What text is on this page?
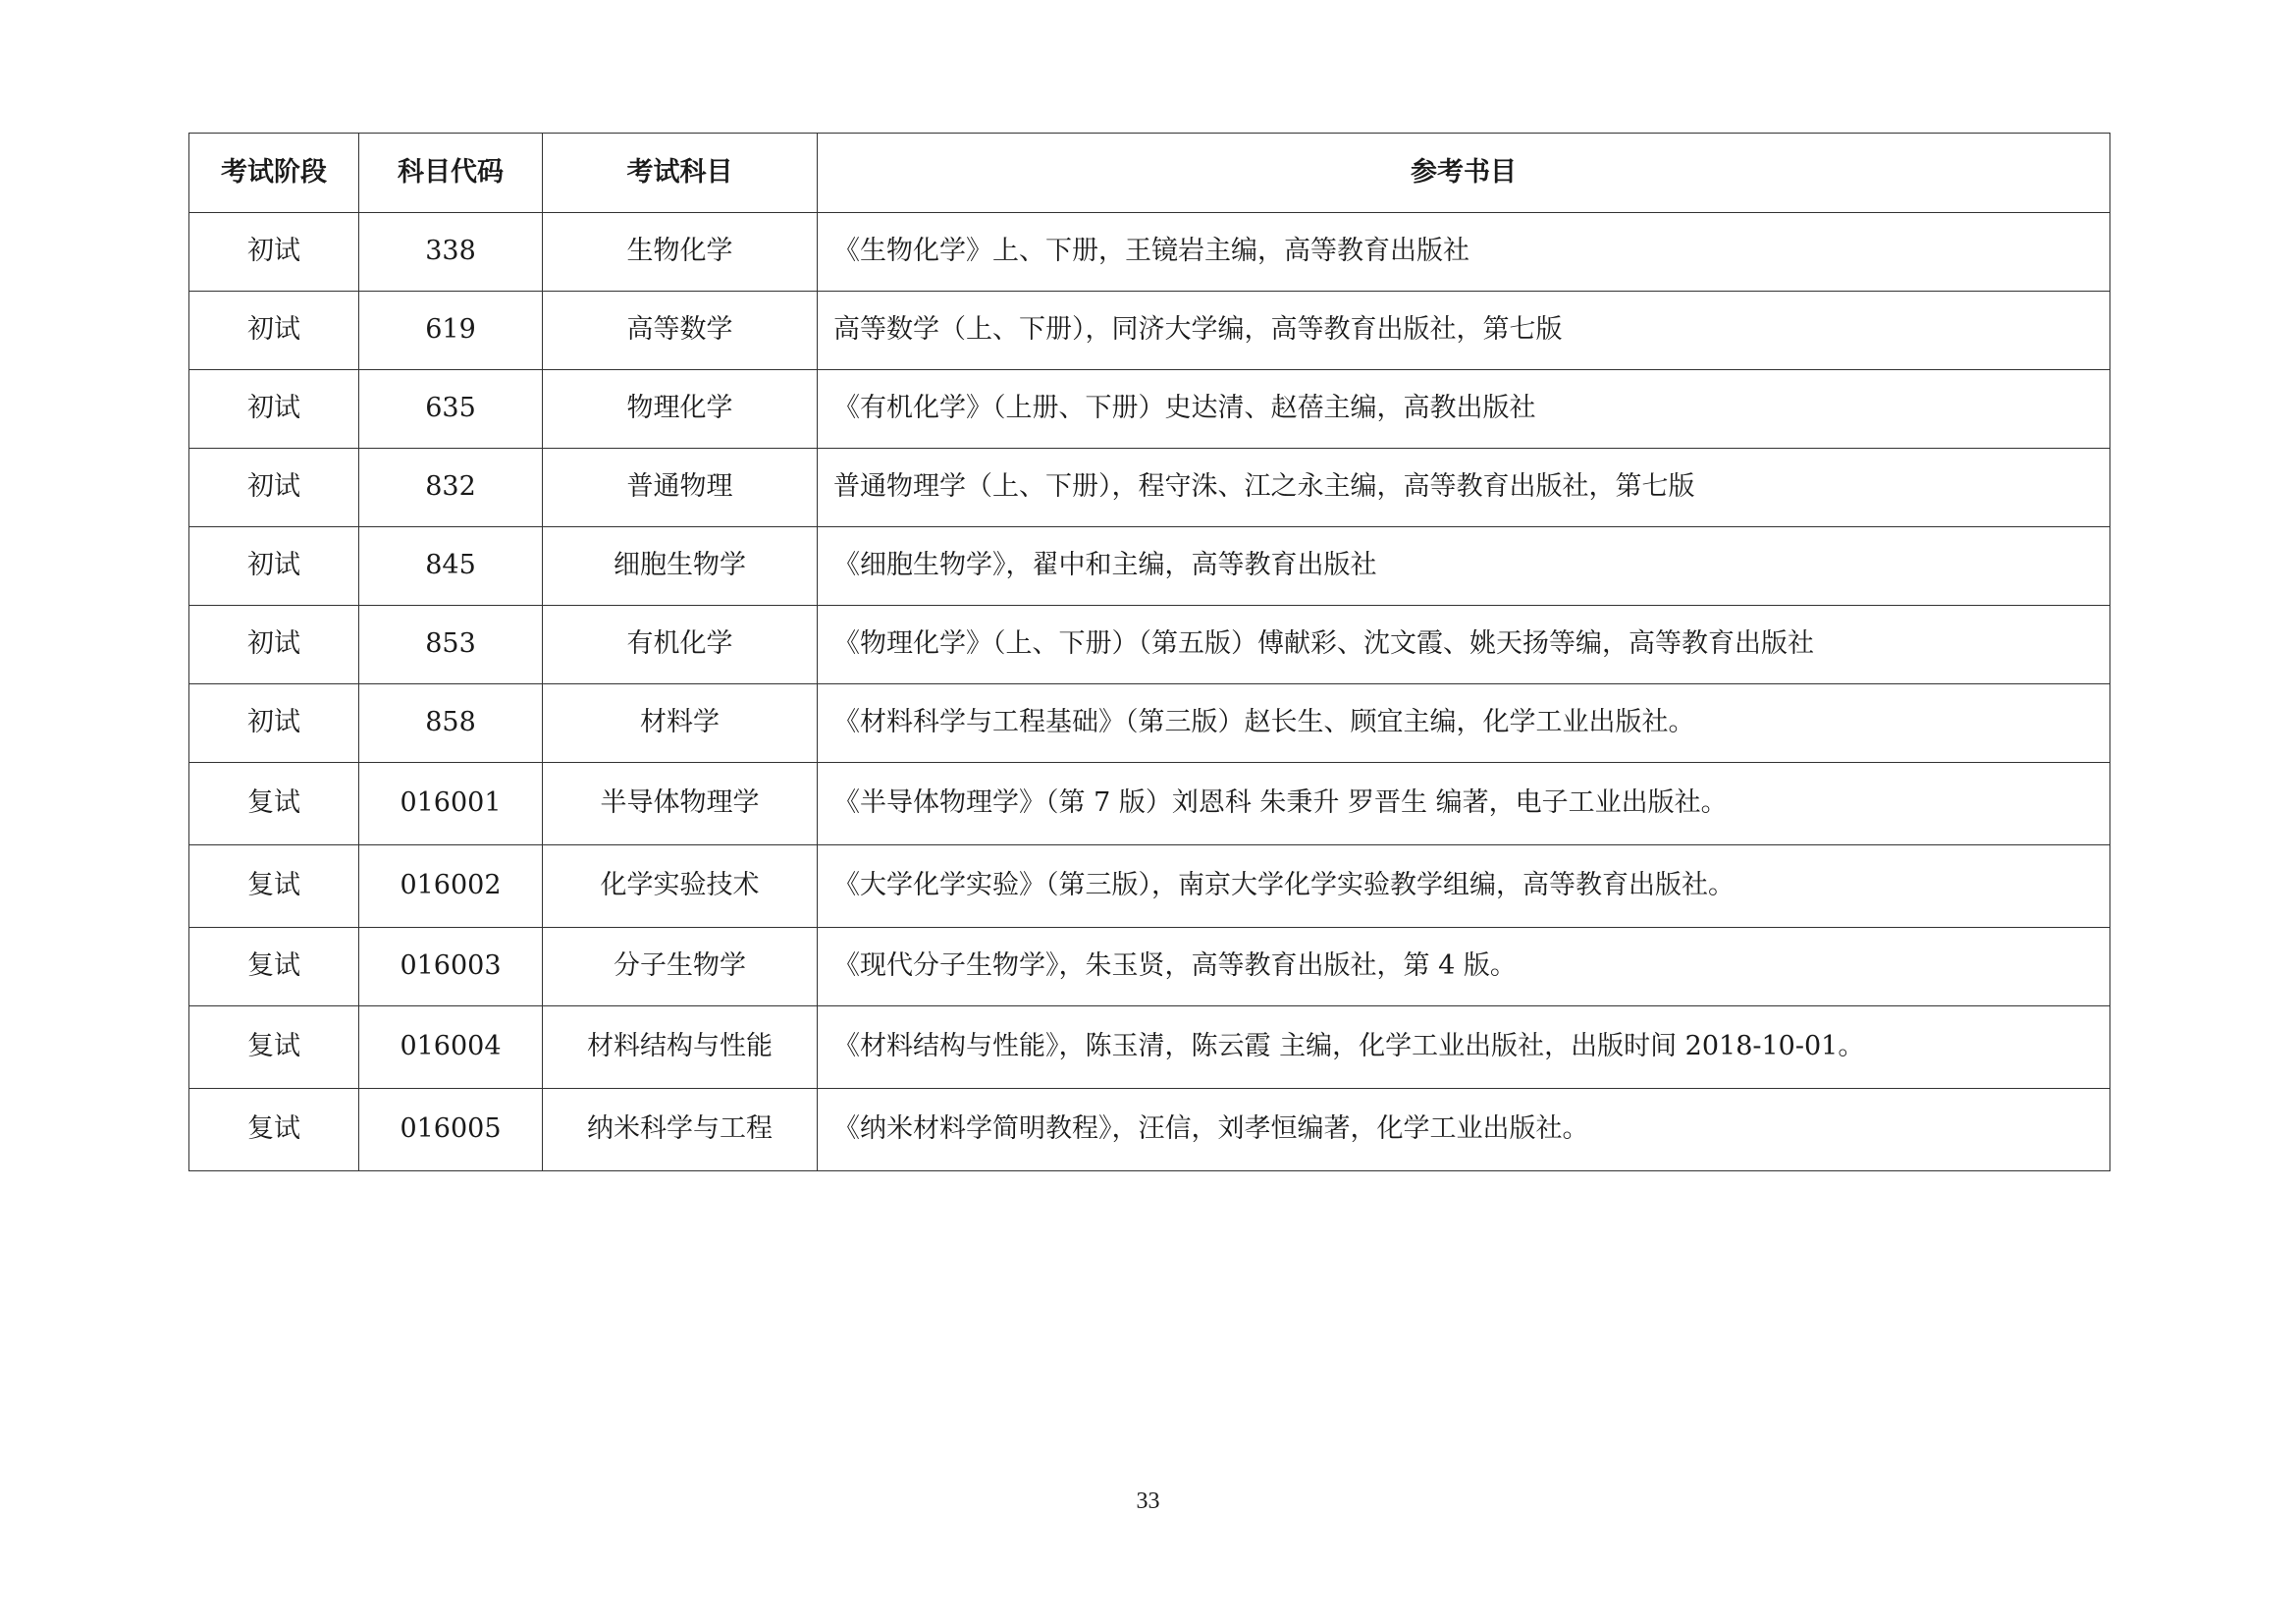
考试阶段	科目代码	考试科目	参考书目
初试	338	生物化学	《生物化学》上、下册，王镜岩主编，高等教育出版社
初试	619	高等数学	高等数学（上、下册），同济大学编，高等教育出版社，第七版
初试	635	物理化学	《有机化学》（上册、下册）史达清、赵蓓主编，高教出版社
初试	832	普通物理	普通物理学（上、下册），程守洙、江之永主编，高等教育出版社，第七版
初试	845	细胞生物学	《细胞生物学》，翟中和主编，高等教育出版社
初试	853	有机化学	《物理化学》（上、下册）（第五版）傅献彩、沈文霞、姚天扬等编，高等教育出版社
初试	858	材料学	《材料科学与工程基础》（第三版）赵长生、顾宜主编，化学工业出版社。
复试	016001	半导体物理学	《半导体物理学》（第 7 版）刘恩科 朱秉升 罗晋生 编著，电子工业出版社。
复试	016002	化学实验技术	《大学化学实验》（第三版），南京大学化学实验教学组编，高等教育出版社。
复试	016003	分子生物学	《现代分子生物学》，朱玉贤，高等教育出版社，第 4 版。
复试	016004	材料结构与性能	《材料结构与性能》，陈玉清，陈云霞 主编，化学工业出版社，出版时间 2018-10-01。
复试	016005	纳米科学与工程	《纳米材料学简明教程》，汪信，刘孝恒编著，化学工业出版社。
33
